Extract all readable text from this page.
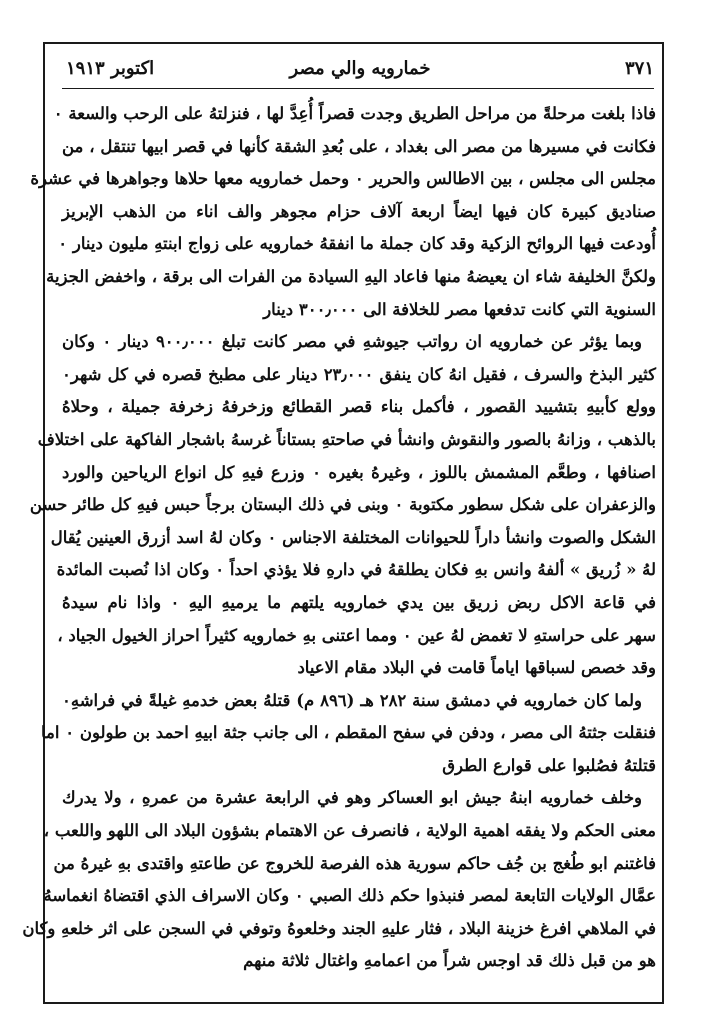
٣٧١
خمارويه والي مصر
اكتوبر ١٩١٣
فاذا بلغت مرحلةً من مراحل الطريق وجدت قصراً أُعِدَّ لها ، فنزلتهُ على الرحب والسعة ٠
فكانت في مسيرها من مصر الى بغداد ، على بُعدِ الشقة كأنها في قصر ابيها تنتقل ، من
مجلس الى مجلس ، بين الاطالس والحرير ٠ وحمل خمارويه معها حلاها وجواهرها في عشرة
صناديق كبيرة كان فيها ايضاً اربعة آلاف حزام مجوهر والف اناء من الذهب الإبريز
أُودعت فيها الروائح الزكية وقد كان جملة ما انفقهُ خمارويه على زواج ابنتهِ مليون دينار ٠
ولكنَّ الخليفة شاء ان يعيضهُ منها فاعاد اليهِ السيادة من الفرات الى برقة ، واخفض الجزية
السنوية التي كانت تدفعها مصر للخلافة الى ٣٠٠٫٠٠٠ دينار
وبما يؤثر عن خمارويه ان رواتب جيوشهِ في مصر كانت تبلغ ٩٠٠٫٠٠٠ دينار ٠ وكان
كثير البذخ والسرف ، فقيل انهُ كان ينفق ٢٣٫٠٠٠ دينار على مطبخ قصره في كل شهر٠
وولع كأبيهِ بتشييد القصور ، فأكمل بناء قصر القطائع وزخرفهُ زخرفة جميلة ، وحلاهُ
بالذهب ، وزانهُ بالصور والنقوش وانشأ في صاحتهِ بستاناً غرسهُ باشجار الفاكهة على اختلاف
اصنافها ، وطعَّم المشمش باللوز ، وغيرهُ بغيره ٠ وزرع فيهِ كل انواع الرياحين والورد
والزعفران على شكل سطور مكتوبة ٠ وبنى في ذلك البستان برجاً حبس فيهِ كل طائر حسن
الشكل والصوت وانشأ داراً للحيوانات المختلفة الاجناس ٠ وكان لهُ اسد أزرق العينين يُقال
لهُ « زُريق » ألفهُ وانس بهِ فكان يطلقهُ في دارهِ فلا يؤذي احداً ٠ وكان اذا نُصبت المائدة
في قاعة الاكل ربض زريق بين يدي خمارويه يلتهم ما يرميهِ اليهِ ٠ واذا نام سيدهُ
سهر على حراستهِ لا تغمض لهُ عين ٠ ومما اعتنى بهِ خمارويه كثيراً احراز الخيول الجياد ،
وقد خصص لسباقها اياماً قامت في البلاد مقام الاعياد
ولما كان خمارويه في دمشق سنة ٢٨٢ هـ (٨٩٦ م) قتلهُ بعض خدمهِ غيلةً في فراشهِ٠
فنقلت جثتهُ الى مصر ، ودفن في سفح المقطم ، الى جانب جثة ابيهِ احمد بن طولون ٠ اما
قتلتهُ فصُلبوا على قوارع الطرق
وخلف خمارويه ابنهُ جيش ابو العساكر وهو في الرابعة عشرة من عمرهِ ، ولا يدرك
معنى الحكم ولا يفقه اهمية الولاية ، فانصرف عن الاهتمام بشؤون البلاد الى اللهو واللعب ،
فاغتنم ابو طُغج بن جُف حاكم سورية هذه الفرصة للخروج عن طاعتهِ واقتدى بهِ غيرهُ من
عمَّال الولايات التابعة لمصر فنبذوا حكم ذلك الصبي ٠ وكان الاسراف الذي اقتضاهُ انغماسهُ
في الملاهي افرغ خزينة البلاد ، فثار عليهِ الجند وخلعوهُ وتوفي في السجن على اثر خلعهِ وكان
هو من قبل ذلك قد اوجس شراً من اعمامهِ واغتال ثلاثة منهم
